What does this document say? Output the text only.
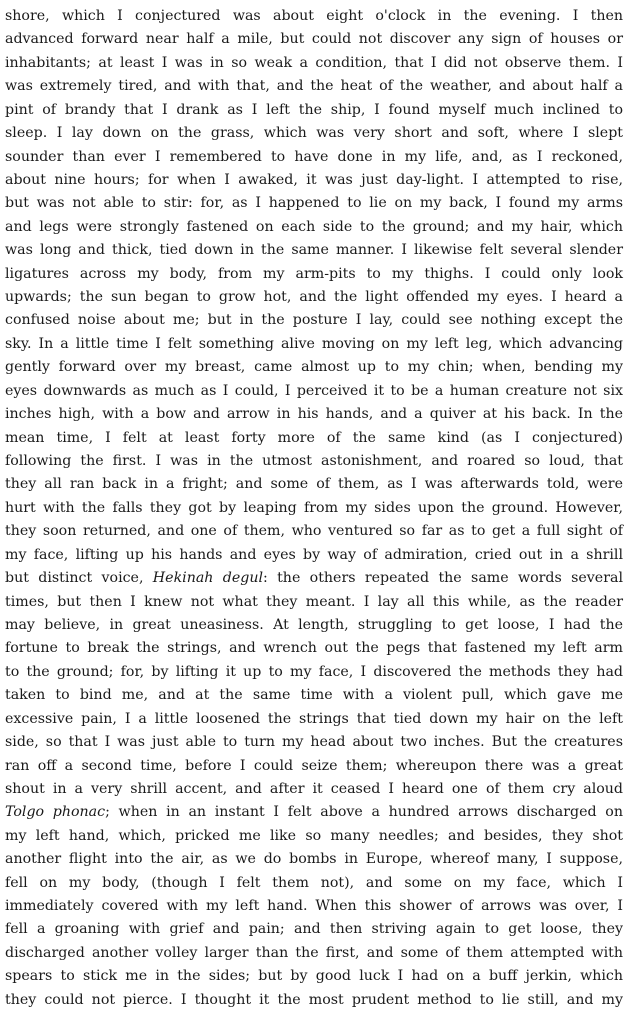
shore, which I conjectured was about eight o'clock in the evening. I then
advanced forward near half a mile, but could not discover any sign of houses or
inhabitants; at least I was in so weak a condition, that I did not observe them. I
was extremely tired, and with that, and the heat of the weather, and about half a
pint of brandy that I drank as I left the ship, I found myself much inclined to
sleep. I lay down on the grass, which was very short and soft, where I slept
sounder than ever I remembered to have done in my life, and, as I reckoned,
about nine hours; for when I awaked, it was just day-light. I attempted to rise,
but was not able to stir: for, as I happened to lie on my back, I found my arms
and legs were strongly fastened on each side to the ground; and my hair, which
was long and thick, tied down in the same manner. I likewise felt several slender
ligatures across my body, from my arm-pits to my thighs. I could only look
upwards; the sun began to grow hot, and the light offended my eyes. I heard a
confused noise about me; but in the posture I lay, could see nothing except the
sky. In a little time I felt something alive moving on my left leg, which advancing
gently forward over my breast, came almost up to my chin; when, bending my
eyes downwards as much as I could, I perceived it to be a human creature not six
inches high, with a bow and arrow in his hands, and a quiver at his back. In the
mean time, I felt at least forty more of the same kind (as I conjectured)
following the first. I was in the utmost astonishment, and roared so loud, that
they all ran back in a fright; and some of them, as I was afterwards told, were
hurt with the falls they got by leaping from my sides upon the ground. However,
they soon returned, and one of them, who ventured so far as to get a full sight of
my face, lifting up his hands and eyes by way of admiration, cried out in a shrill
but distinct voice, Hekinah degul: the others repeated the same words several
times, but then I knew not what they meant. I lay all this while, as the reader
may believe, in great uneasiness. At length, struggling to get loose, I had the
fortune to break the strings, and wrench out the pegs that fastened my left arm
to the ground; for, by lifting it up to my face, I discovered the methods they had
taken to bind me, and at the same time with a violent pull, which gave me
excessive pain, I a little loosened the strings that tied down my hair on the left
side, so that I was just able to turn my head about two inches. But the creatures
ran off a second time, before I could seize them; whereupon there was a great
shout in a very shrill accent, and after it ceased I heard one of them cry aloud
Tolgo phonac; when in an instant I felt above a hundred arrows discharged on
my left hand, which, pricked me like so many needles; and besides, they shot
another flight into the air, as we do bombs in Europe, whereof many, I suppose,
fell on my body, (though I felt them not), and some on my face, which I
immediately covered with my left hand. When this shower of arrows was over, I
fell a groaning with grief and pain; and then striving again to get loose, they
discharged another volley larger than the first, and some of them attempted with
spears to stick me in the sides; but by good luck I had on a buff jerkin, which
they could not pierce. I thought it the most prudent method to lie still, and my
